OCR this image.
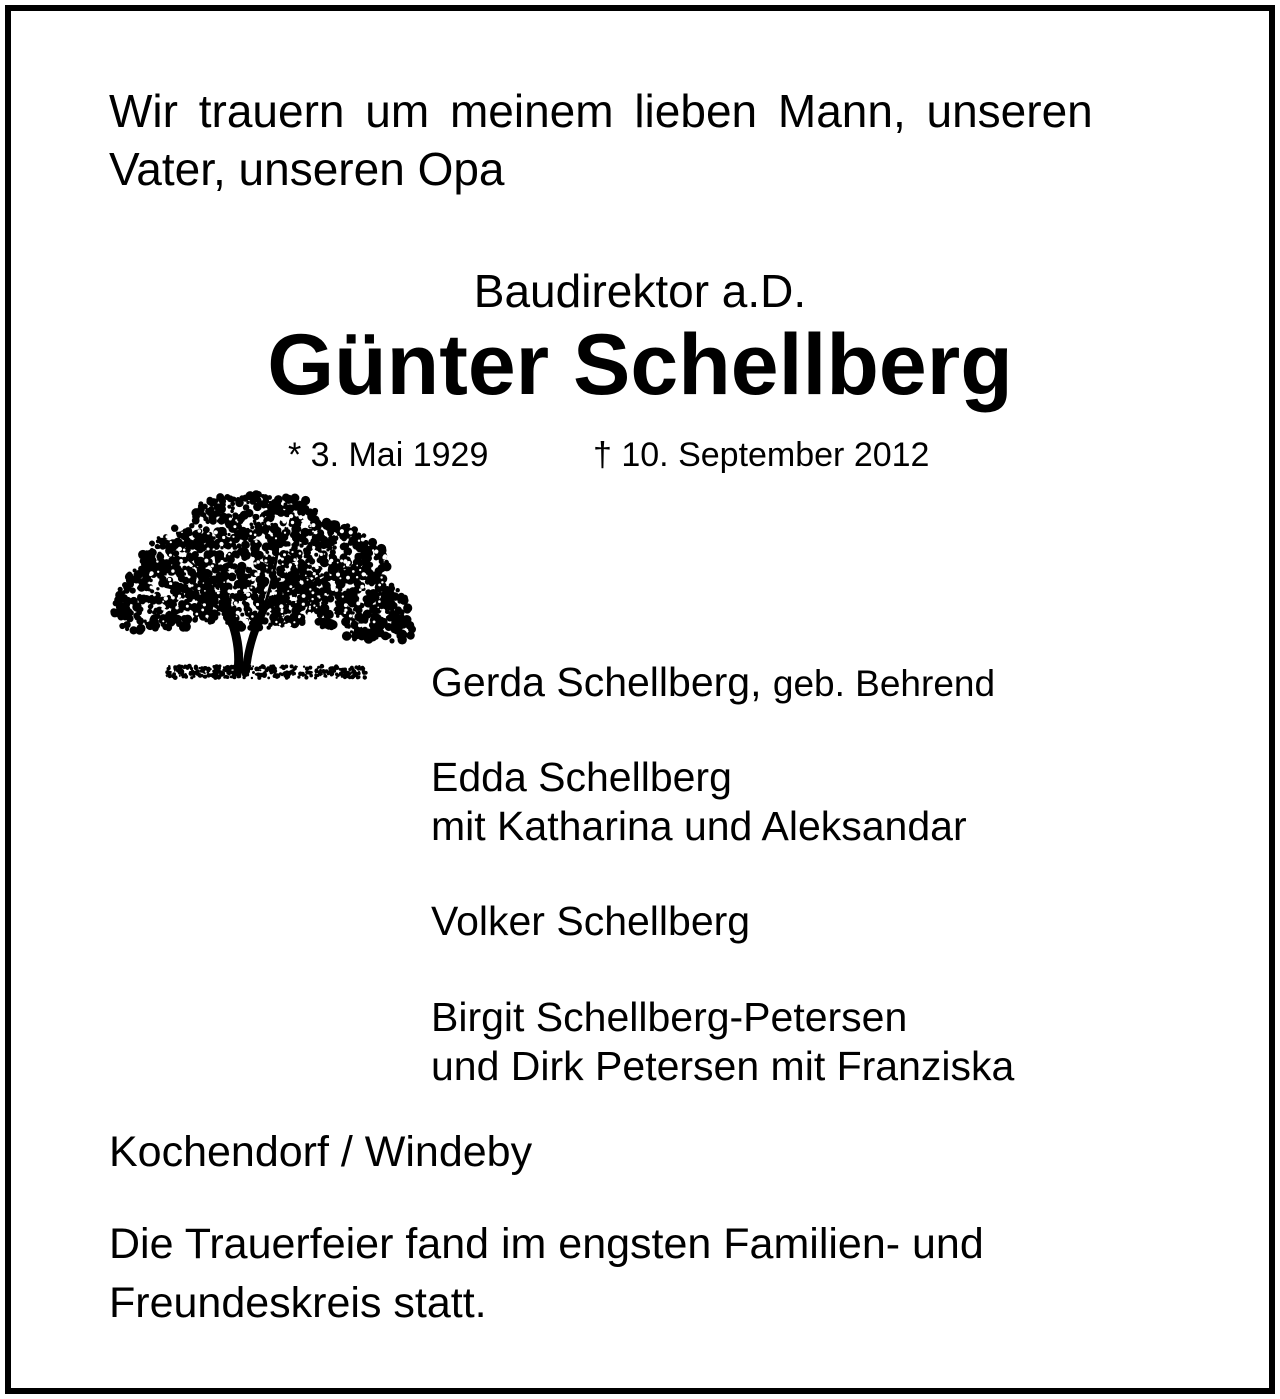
Wir trauern um meinem lieben Mann, unseren
Vater, unseren Opa
Baudirektor a.D.
Günter Schellberg
* 3. Mai 1929	† 10. September 2012
Gerda Schellberg, geb. Behrend
Edda Schellberg
mit Katharina und Aleksandar
Volker Schellberg
Birgit Schellberg-Petersen
und Dirk Petersen mit Franziska
Kochendorf / Windeby
Die Trauerfeier fand im engsten Familien- und
Freundeskreis statt.
